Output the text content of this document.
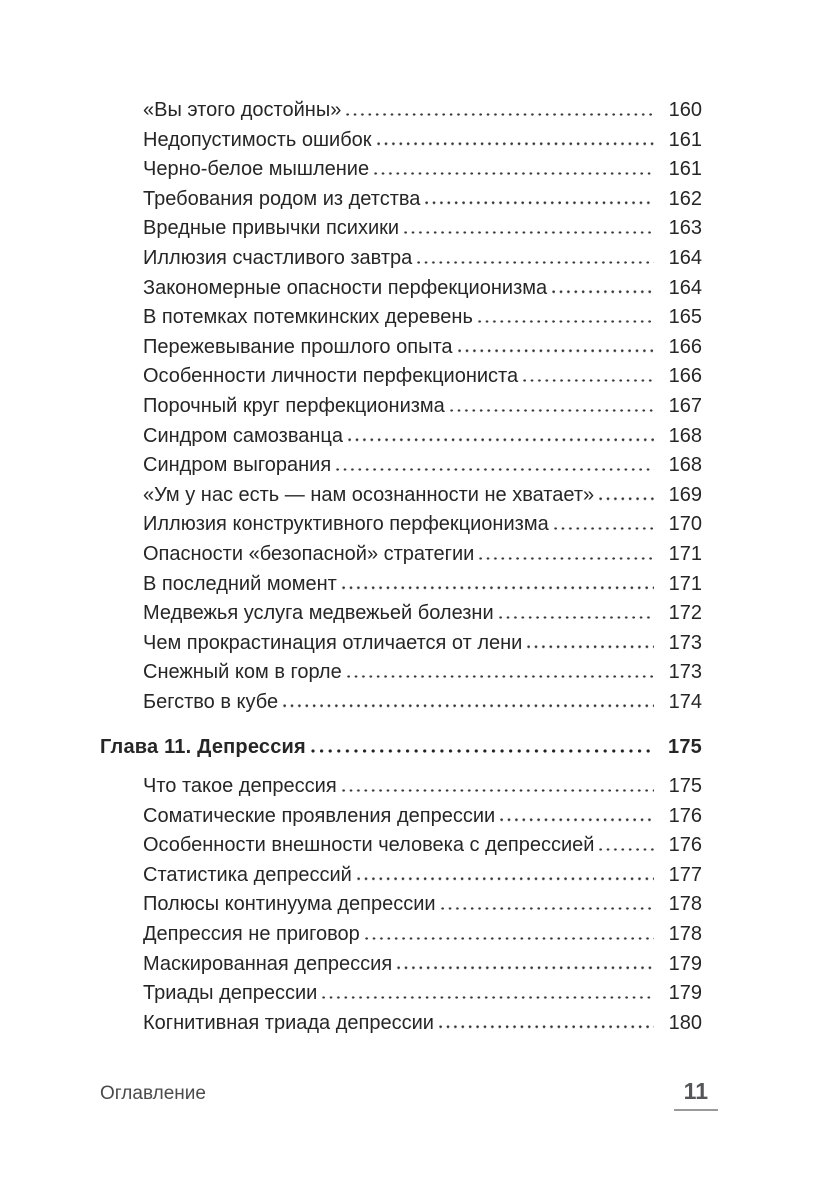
«Вы этого достойны»	160
Недопустимость ошибок	161
Черно-белое мышление	161
Требования родом из детства	162
Вредные привычки психики	163
Иллюзия счастливого завтра	164
Закономерные опасности перфекционизма	164
В потемках потемкинских деревень	165
Пережевывание прошлого опыта	166
Особенности личности перфекциониста	166
Порочный круг перфекционизма	167
Синдром самозванца	168
Синдром выгорания	168
«Ум у нас есть — нам осознанности не хватает»	169
Иллюзия конструктивного перфекционизма	170
Опасности «безопасной» стратегии	171
В последний момент	171
Медвежья услуга медвежьей болезни	172
Чем прокрастинация отличается от лени	173
Снежный ком в горле	173
Бегство в кубе	174
Глава 11. Депрессия	175
Что такое депрессия	175
Соматические проявления депрессии	176
Особенности внешности человека с депрессией	176
Статистика депрессий	177
Полюсы континуума депрессии	178
Депрессия не приговор	178
Маскированная депрессия	179
Триады депрессии	179
Когнитивная триада депрессии	180
Оглавление	11
